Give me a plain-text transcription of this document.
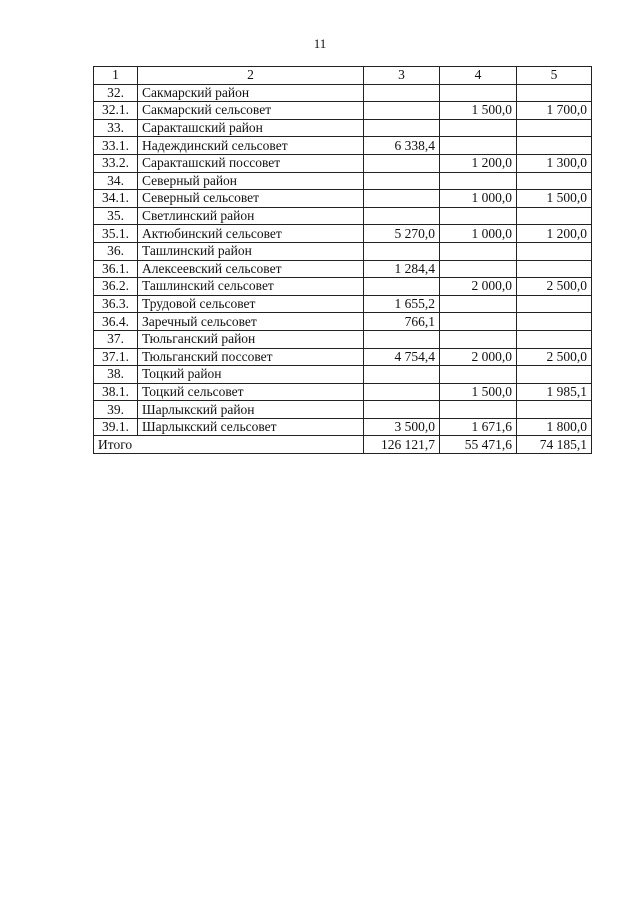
11
1	2	3	4	5
32.	Сакмарский район			
32.1.	Сакмарский сельсовет		1 500,0	1 700,0
33.	Саракташский район			
33.1.	Надеждинский сельсовет	6 338,4		
33.2.	Саракташский поссовет		1 200,0	1 300,0
34.	Северный район			
34.1.	Северный сельсовет		1 000,0	1 500,0
35.	Светлинский район			
35.1.	Актюбинский сельсовет	5 270,0	1 000,0	1 200,0
36.	Ташлинский район			
36.1.	Алексеевский сельсовет	1 284,4		
36.2.	Ташлинский сельсовет		2 000,0	2 500,0
36.3.	Трудовой сельсовет	1 655,2		
36.4.	Заречный сельсовет	766,1		
37.	Тюльганский район			
37.1.	Тюльганский поссовет	4 754,4	2 000,0	2 500,0
38.	Тоцкий район			
38.1.	Тоцкий сельсовет		1 500,0	1 985,1
39.	Шарлыкский район			
39.1.	Шарлыкский сельсовет	3 500,0	1 671,6	1 800,0
Итого		126 121,7	55 471,6	74 185,1
